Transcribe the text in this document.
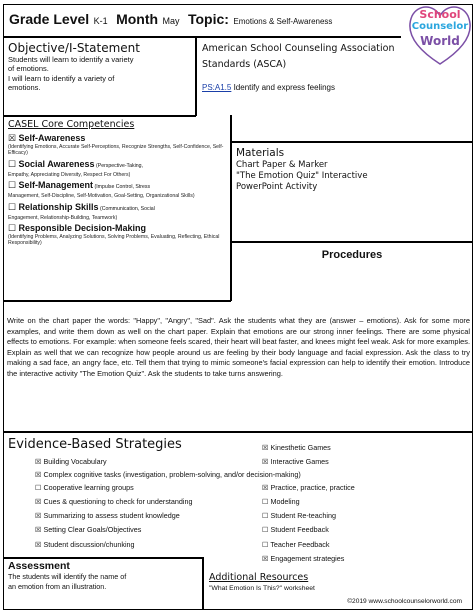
Grade Level K-1 Month May Topic: Emotions & Self-Awareness
School
Counselor
World
Objective/I-Statement
Students will learn to identify a variety
of emotions.
I will learn to identify a variety of
emotions.
American School Counseling Association
Standards (ASCA)
PS:A1.5 Identify and express feelings
CASEL Core Competencies
☒ Self-Awareness
(Identifying Emotions, Accurate Self-Perceptions, Recognize Strengths, Self-Confidence, Self-Efficacy)
☐ Social Awareness (Perspective-Taking,
Empathy, Appreciating Diversity, Respect For Others)
☐ Self-Management (Impulse Control, Stress
Management, Self-Discipline, Self-Motivation, Goal-Setting, Organizational Skills)
☐ Relationship Skills (Communication, Social
Engagement, Relationship-Building, Teamwork)
☐ Responsible Decision-Making
(Identifying Problems, Analyzing Solutions, Solving Problems, Evaluating, Reflecting, Ethical Responsibility)
Materials
Chart Paper & Marker
"The Emotion Quiz" Interactive
PowerPoint Activity
Procedures
Write on the chart paper the words: "Happy", "Angry", "Sad". Ask the students what they are (answer – emotions). Ask for some more examples, and write them down as well on the chart paper. Explain that emotions are our strong inner feelings. There are some physical effects to emotions. For example: when someone feels scared, their heart will beat faster, and knees might feel weak. Ask for more examples. Explain as well that we can recognize how people around us are feeling by their body language and facial expression. Ask the class to try making a sad face, an angry face, etc. Tell them that trying to mimic someone's facial expression can help to identify their emotion. Introduce the interactive activity "The Emotion Quiz". Ask the students to take turns answering.
Evidence-Based Strategies
☒ Building Vocabulary
☒ Complex cognitive tasks (investigation, problem-solving, and/or decision-making)
☐ Cooperative learning groups
☒ Cues & questioning to check for understanding
☒ Summarizing to assess student knowledge
☒ Setting Clear Goals/Objectives
☒ Student discussion/chunking
☒ Kinesthetic Games
☒ Interactive Games
☒ Practice, practice, practice
☐ Modeling
☐ Student Re-teaching
☐ Student Feedback
☐ Teacher Feedback
☒ Engagement strategies
Assessment
The students will identify the name of
an emotion from an illustration.
Additional Resources
"What Emotion Is This?" worksheet
©2019 www.schoolcounselorworld.com
